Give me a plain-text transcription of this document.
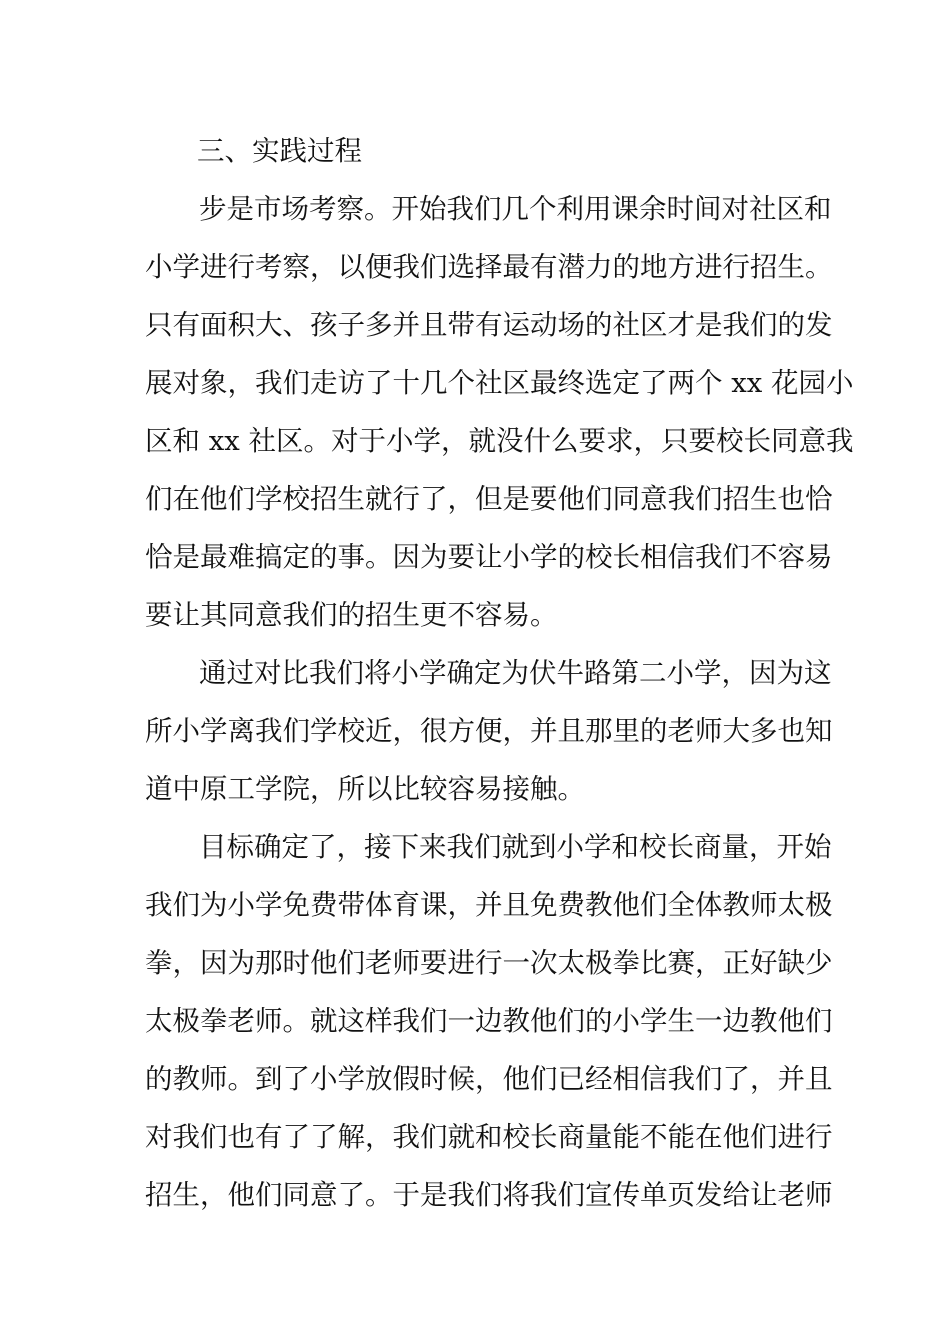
三、实践过程
步是市场考察。开始我们几个利用课余时间对社区和
小学进行考察，以便我们选择最有潜力的地方进行招生。
只有面积大、孩子多并且带有运动场的社区才是我们的发
展对象，我们走访了十几个社区最终选定了两个 xx 花园小
区和 xx 社区。对于小学，就没什么要求，只要校长同意我
们在他们学校招生就行了，但是要他们同意我们招生也恰
恰是最难搞定的事。因为要让小学的校长相信我们不容易
要让其同意我们的招生更不容易。
通过对比我们将小学确定为伏牛路第二小学，因为这
所小学离我们学校近，很方便，并且那里的老师大多也知
道中原工学院，所以比较容易接触。
目标确定了，接下来我们就到小学和校长商量，开始
我们为小学免费带体育课，并且免费教他们全体教师太极
拳，因为那时他们老师要进行一次太极拳比赛，正好缺少
太极拳老师。就这样我们一边教他们的小学生一边教他们
的教师。到了小学放假时候，他们已经相信我们了，并且
对我们也有了了解，我们就和校长商量能不能在他们进行
招生，他们同意了。于是我们将我们宣传单页发给让老师
